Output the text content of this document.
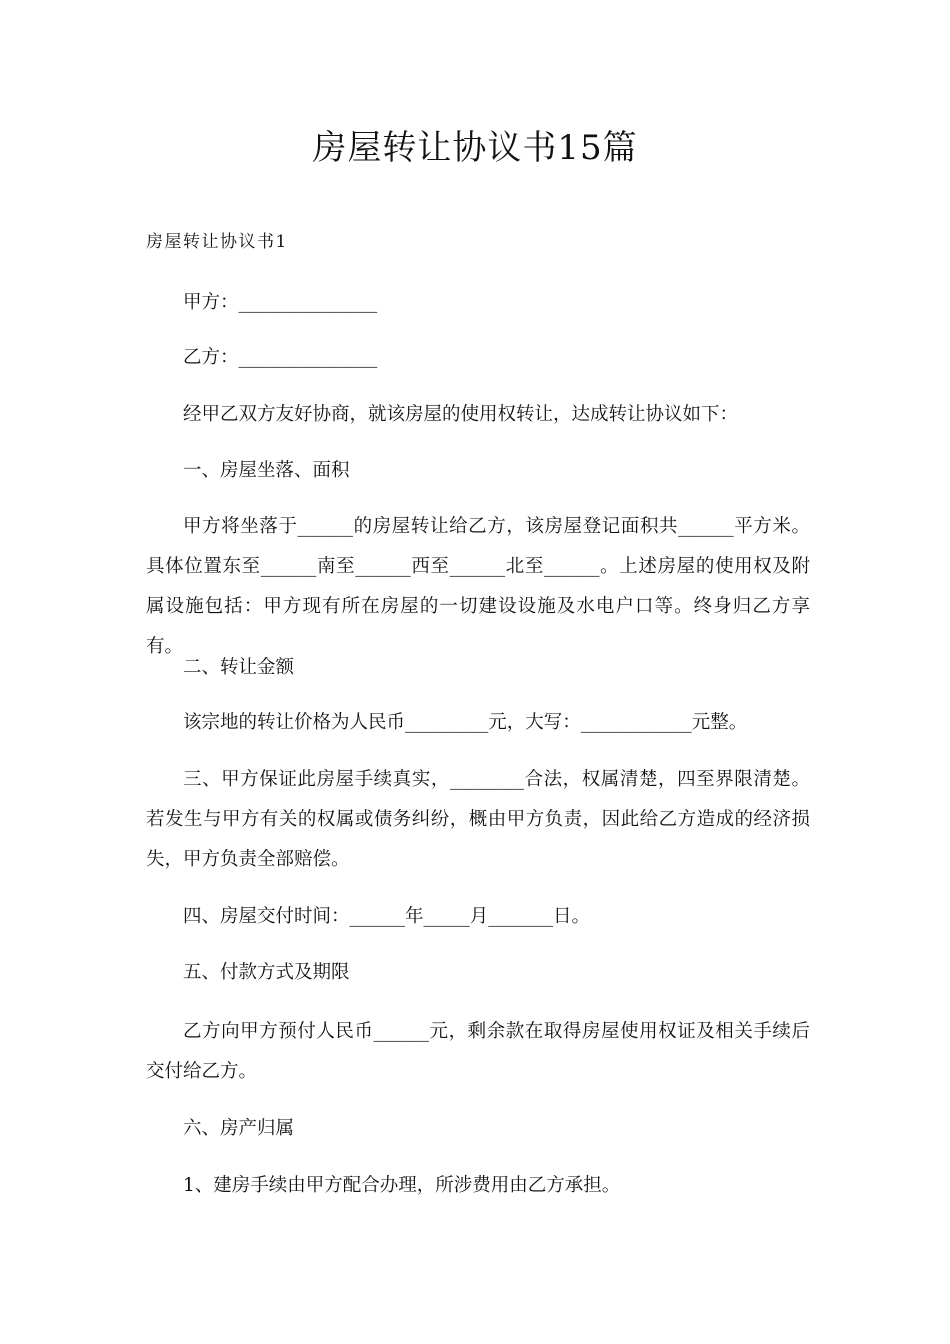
房屋转让协议书15篇
房屋转让协议书1

甲方：_______________

乙方：_______________

经甲乙双方友好协商，就该房屋的使用权转让，达成转让协议如下：

一、房屋坐落、面积

甲方将坐落于______的房屋转让给乙方，该房屋登记面积共______平方米。具体位置东至______南至______西至______北至______。上述房屋的使用权及附属设施包括：甲方现有所在房屋的一切建设设施及水电户口等。终身归乙方享有。

二、转让金额

该宗地的转让价格为人民币_________元，大写：____________元整。

三、甲方保证此房屋手续真实，________合法，权属清楚，四至界限清楚。若发生与甲方有关的权属或债务纠纷，概由甲方负责，因此给乙方造成的经济损失，甲方负责全部赔偿。

四、房屋交付时间：______年_____月_______日。

五、付款方式及期限

乙方向甲方预付人民币______元，剩余款在取得房屋使用权证及相关手续后交付给乙方。

六、房产归属

1、建房手续由甲方配合办理，所涉费用由乙方承担。
